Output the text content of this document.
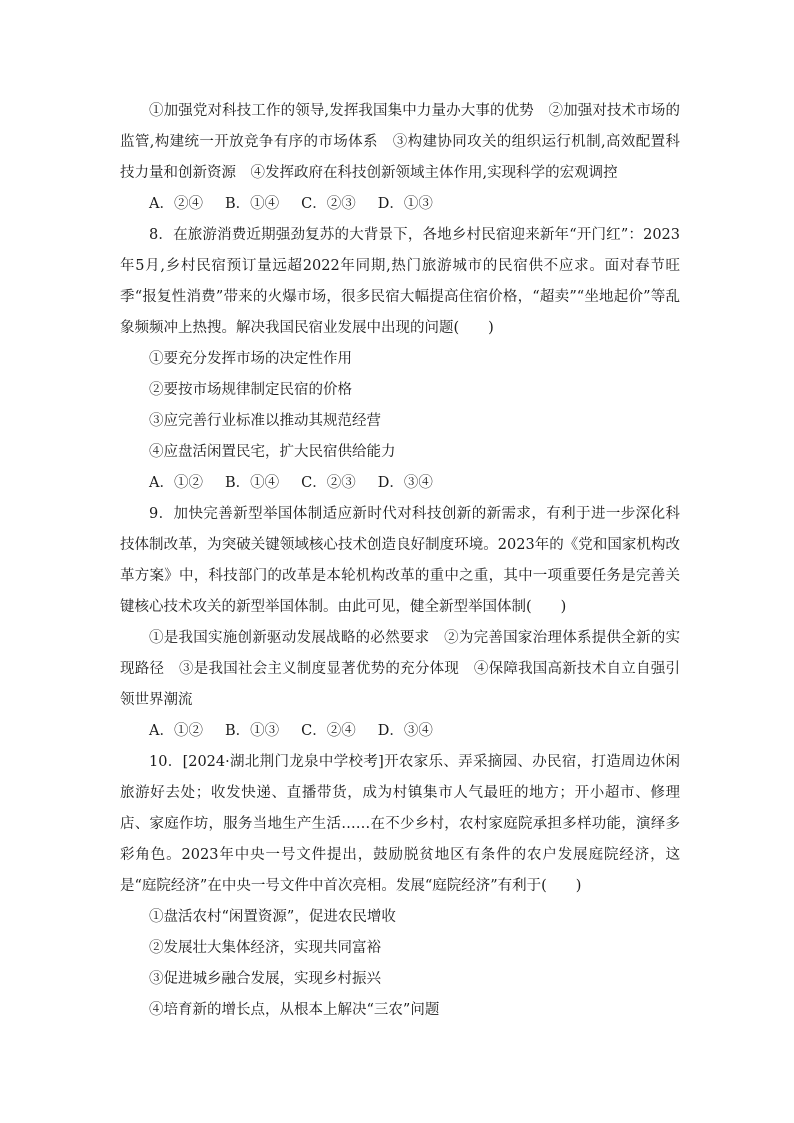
①加强党对科技工作的领导,发挥我国集中力量办大事的优势　②加强对技术市场的监管,构建统一开放竞争有序的市场体系　③构建协同攻关的组织运行机制,高效配置科技力量和创新资源　④发挥政府在科技创新领域主体作用,实现科学的宏观调控

A．②④ B．①④ C．②③ D．①③

8．在旅游消费近期强劲复苏的大背景下，各地乡村民宿迎来新年“开门红”：2023年5月,乡村民宿预订量远超2022年同期,热门旅游城市的民宿供不应求。面对春节旺季“报复性消费”带来的火爆市场，很多民宿大幅提高住宿价格，“超卖”“坐地起价”等乱象频频冲上热搜。解决我国民宿业发展中出现的问题(　　)

①要充分发挥市场的决定性作用

②要按市场规律制定民宿的价格

③应完善行业标准以推动其规范经营

④应盘活闲置民宅，扩大民宿供给能力

A．①② B．①④ C．②③ D．③④

9．加快完善新型举国体制适应新时代对科技创新的新需求，有利于进一步深化科技体制改革，为突破关键领域核心技术创造良好制度环境。2023年的《党和国家机构改革方案》中，科技部门的改革是本轮机构改革的重中之重，其中一项重要任务是完善关键核心技术攻关的新型举国体制。由此可见，健全新型举国体制(　　)

①是我国实施创新驱动发展战略的必然要求　②为完善国家治理体系提供全新的实现路径　③是我国社会主义制度显著优势的充分体现　④保障我国高新技术自立自强引领世界潮流

A．①② B．①③ C．②④ D．③④

10．[2024·湖北荆门龙泉中学校考]开农家乐、弄采摘园、办民宿，打造周边休闲旅游好去处；收发快递、直播带货，成为村镇集市人气最旺的地方；开小超市、修理店、家庭作坊，服务当地生产生活……在不少乡村，农村家庭院承担多样功能，演绎多彩角色。2023年中央一号文件提出，鼓励脱贫地区有条件的农户发展庭院经济，这是“庭院经济”在中央一号文件中首次亮相。发展“庭院经济”有利于(　　)

①盘活农村“闲置资源”，促进农民增收

②发展壮大集体经济，实现共同富裕

③促进城乡融合发展，实现乡村振兴

④培育新的增长点，从根本上解决“三农”问题
